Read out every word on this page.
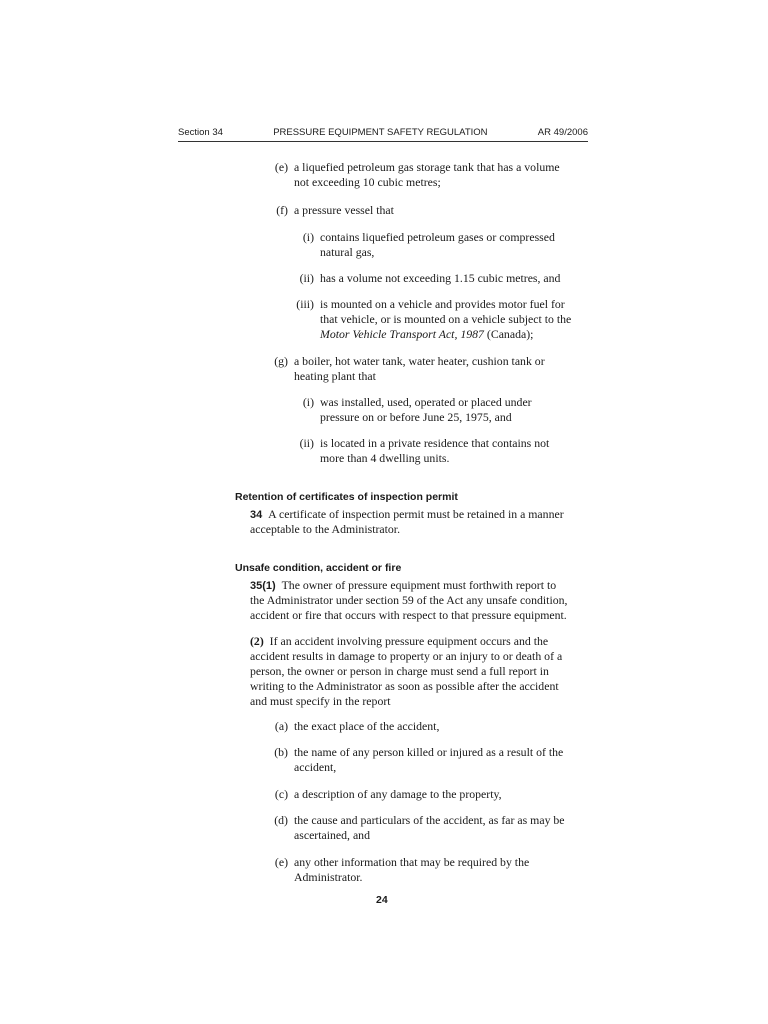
Section 34	PRESSURE EQUIPMENT SAFETY REGULATION	AR 49/2006
(e) a liquefied petroleum gas storage tank that has a volume
not exceeding 10 cubic metres;
(f) a pressure vessel that
(i) contains liquefied petroleum gases or compressed
natural gas,
(ii) has a volume not exceeding 1.15 cubic metres, and
(iii) is mounted on a vehicle and provides motor fuel for
that vehicle, or is mounted on a vehicle subject to the
Motor Vehicle Transport Act, 1987 (Canada);
(g) a boiler, hot water tank, water heater, cushion tank or
heating plant that
(i) was installed, used, operated or placed under
pressure on or before June 25, 1975, and
(ii) is located in a private residence that contains not
more than 4 dwelling units.
Retention of certificates of inspection permit
34 A certificate of inspection permit must be retained in a manner
acceptable to the Administrator.
Unsafe condition, accident or fire
35(1) The owner of pressure equipment must forthwith report to
the Administrator under section 59 of the Act any unsafe condition,
accident or fire that occurs with respect to that pressure equipment.
(2) If an accident involving pressure equipment occurs and the
accident results in damage to property or an injury to or death of a
person, the owner or person in charge must send a full report in
writing to the Administrator as soon as possible after the accident
and must specify in the report
(a) the exact place of the accident,
(b) the name of any person killed or injured as a result of the
accident,
(c) a description of any damage to the property,
(d) the cause and particulars of the accident, as far as may be
ascertained, and
(e) any other information that may be required by the
Administrator.
24
